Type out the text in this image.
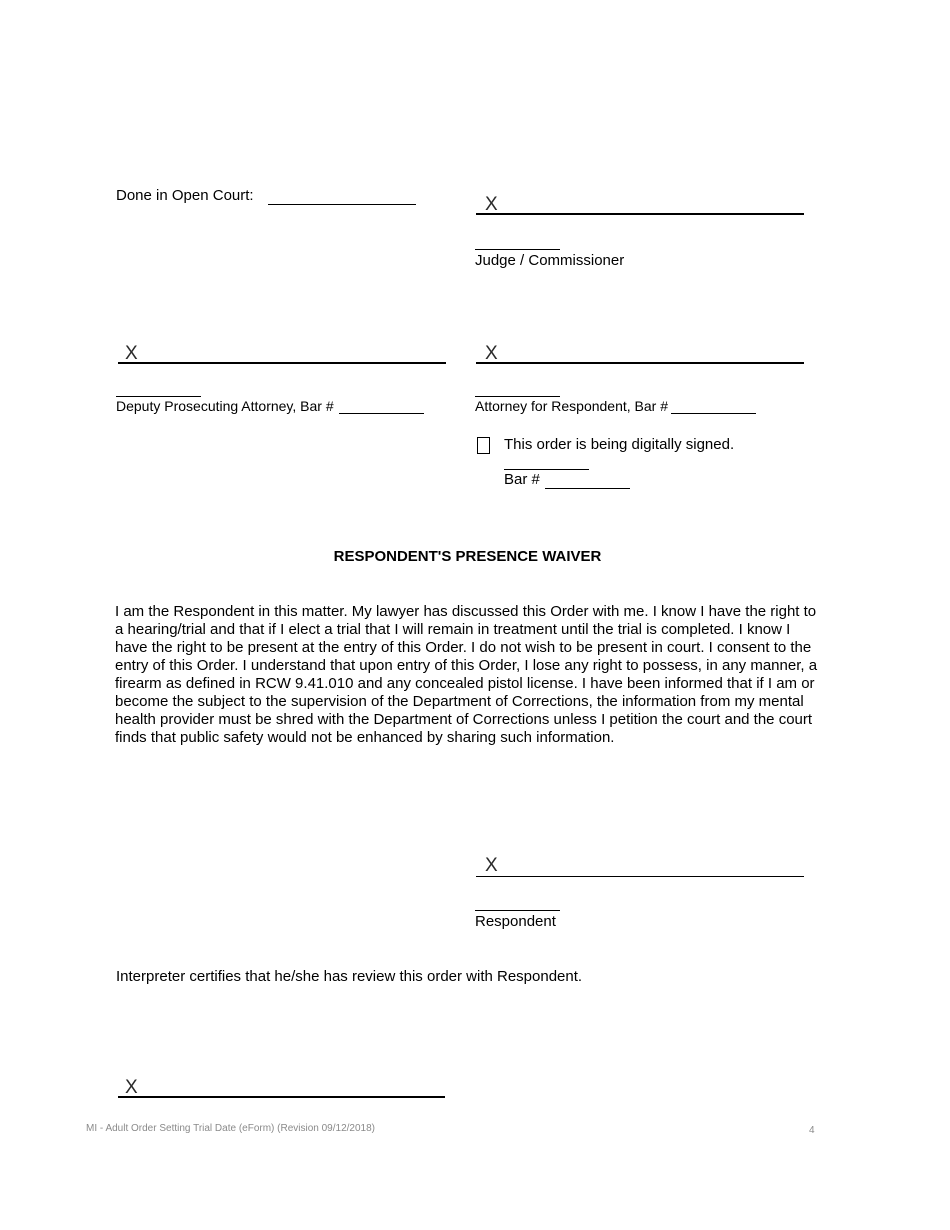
Done in Open Court:	X
Judge / Commissioner
X
Deputy Prosecuting Attorney, Bar #
X
Attorney for Respondent, Bar #
This order is being digitally signed.
Bar #
RESPONDENT'S PRESENCE WAIVER
I am the Respondent in this matter. My lawyer has discussed this Order with me. I know I have the right to a hearing/trial and that if I elect a trial that I will remain in treatment until the trial is completed. I know I have the right to be present at the entry of this Order. I do not wish to be present in court. I consent to the entry of this Order. I understand that upon entry of this Order, I lose any right to possess, in any manner, a firearm as defined in RCW 9.41.010 and any concealed pistol license. I have been informed that if I am or become the subject to the supervision of the Department of Corrections, the information from my mental health provider must be shred with the Department of Corrections unless I petition the court and the court finds that public safety would not be enhanced by sharing such information.
X
Respondent
Interpreter certifies that he/she has review this order with Respondent.
X
MI - Adult Order Setting Trial Date (eForm) (Revision 09/12/2018)	4
